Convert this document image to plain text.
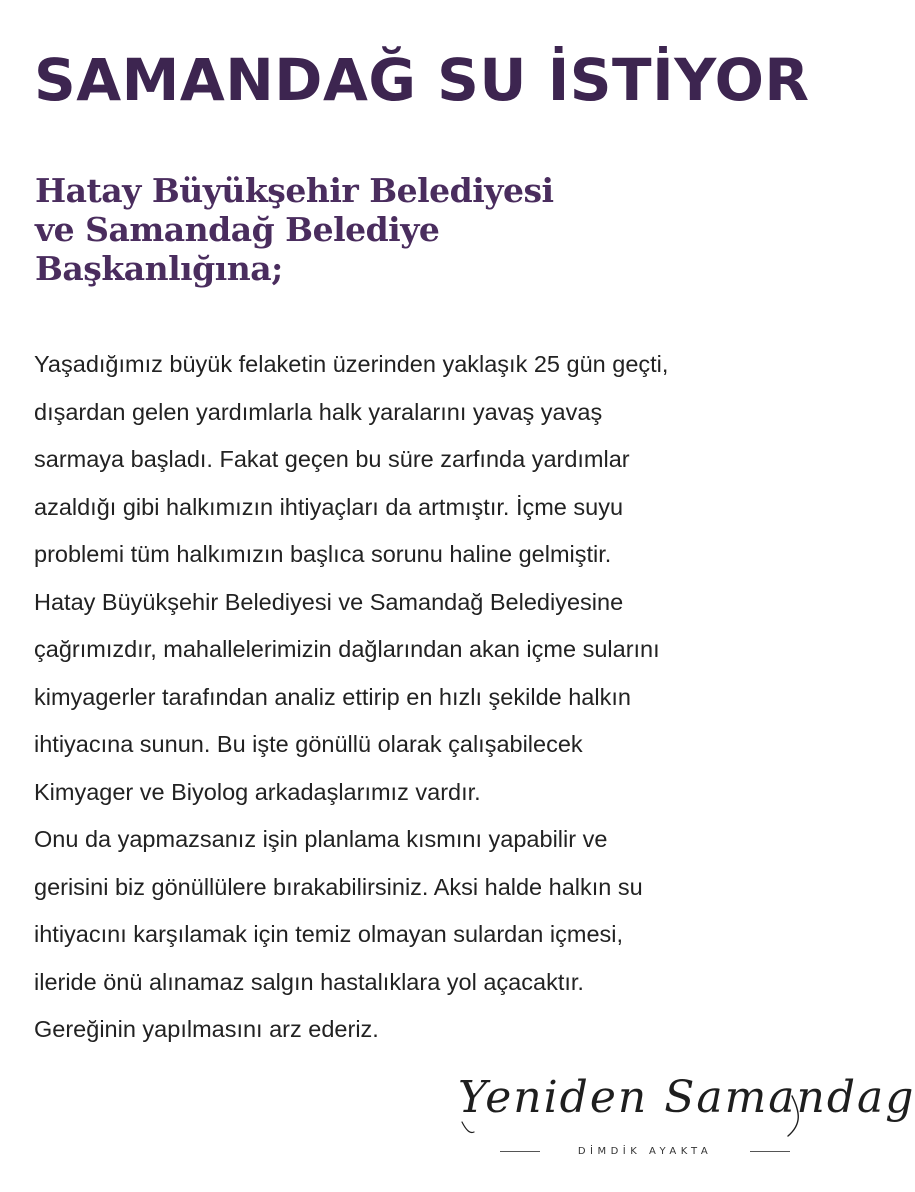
SAMANDAĞ SU İSTİYOR
Hatay Büyükşehir Belediyesi
ve Samandağ Belediye
Başkanlığına;
Yaşadığımız büyük felaketin üzerinden yaklaşık 25 gün geçti,
dışardan gelen yardımlarla halk yaralarını yavaş yavaş
sarmaya başladı. Fakat geçen bu süre zarfında yardımlar
azaldığı gibi halkımızın ihtiyaçları da artmıştır. İçme suyu
problemi tüm halkımızın başlıca sorunu haline gelmiştir.
Hatay Büyükşehir Belediyesi ve Samandağ Belediyesine
çağrımızdır, mahallelerimizin dağlarından akan içme sularını
kimyagerler tarafından analiz ettirip en hızlı şekilde halkın
ihtiyacına sunun. Bu işte gönüllü olarak çalışabilecek
Kimyager ve Biyolog arkadaşlarımız vardır.
Onu da yapmazsanız işin planlama kısmını yapabilir ve
gerisini biz gönüllülere bırakabilirsiniz. Aksi halde halkın su
ihtiyacını karşılamak için temiz olmayan sulardan içmesi,
ileride önü alınamaz salgın hastalıklara yol açacaktır.
Gereğinin yapılmasını arz ederiz.
Yeniden Samandag
DİMDİK AYAKTA
